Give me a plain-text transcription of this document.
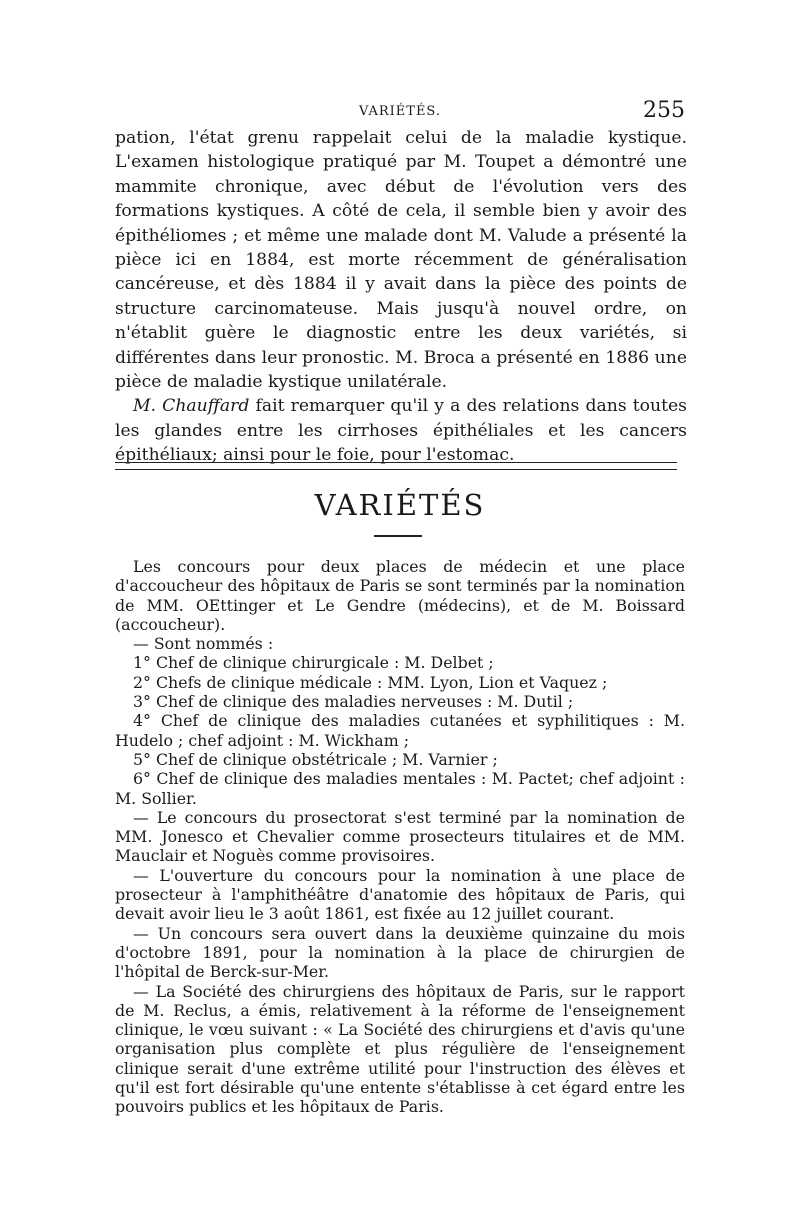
VARIÉTÉS.	255

pation, l'état grenu rappelait celui de la maladie kystique. L'examen histologique pratiqué par M. Toupet a démontré une mammite chronique, avec début de l'évolution vers des formations kystiques. A côté de cela, il semble bien y avoir des épithéliomes ; et même une malade dont M. Valude a présenté la pièce ici en 1884, est morte récemment de généralisation cancéreuse, et dès 1884 il y avait dans la pièce des points de structure carcinomateuse. Mais jusqu'à nouvel ordre, on n'établit guère le diagnostic entre les deux variétés, si différentes dans leur pronostic. M. Broca a présenté en 1886 une pièce de maladie kystique unilatérale.

M. Chauffard fait remarquer qu'il y a des relations dans toutes les glandes entre les cirrhoses épithéliales et les cancers épithéliaux; ainsi pour le foie, pour l'estomac.

VARIÉTÉS

Les concours pour deux places de médecin et une place d'accoucheur des hôpitaux de Paris se sont terminés par la nomination de MM. OEttinger et Le Gendre (médecins), et de M. Boissard (accoucheur).

— Sont nommés :

1° Chef de clinique chirurgicale : M. Delbet ;

2° Chefs de clinique médicale : MM. Lyon, Lion et Vaquez ;

3° Chef de clinique des maladies nerveuses : M. Dutil ;

4° Chef de clinique des maladies cutanées et syphilitiques : M. Hudelo ; chef adjoint : M. Wickham ;

5° Chef de clinique obstétricale ; M. Varnier ;

6° Chef de clinique des maladies mentales : M. Pactet; chef adjoint : M. Sollier.

— Le concours du prosectorat s'est terminé par la nomination de MM. Jonesco et Chevalier comme prosecteurs titulaires et de MM. Mauclair et Noguès comme provisoires.

— L'ouverture du concours pour la nomination à une place de prosecteur à l'amphithéâtre d'anatomie des hôpitaux de Paris, qui devait avoir lieu le 3 août 1861, est fixée au 12 juillet courant.

— Un concours sera ouvert dans la deuxième quinzaine du mois d'octobre 1891, pour la nomination à la place de chirurgien de l'hôpital de Berck-sur-Mer.

— La Société des chirurgiens des hôpitaux de Paris, sur le rapport de M. Reclus, a émis, relativement à la réforme de l'enseignement clinique, le vœu suivant : « La Société des chirurgiens et d'avis qu'une organisation plus complète et plus régulière de l'enseignement clinique serait d'une extrême utilité pour l'instruction des élèves et qu'il est fort désirable qu'une entente s'établisse à cet égard entre les pouvoirs publics et les hôpitaux de Paris.
